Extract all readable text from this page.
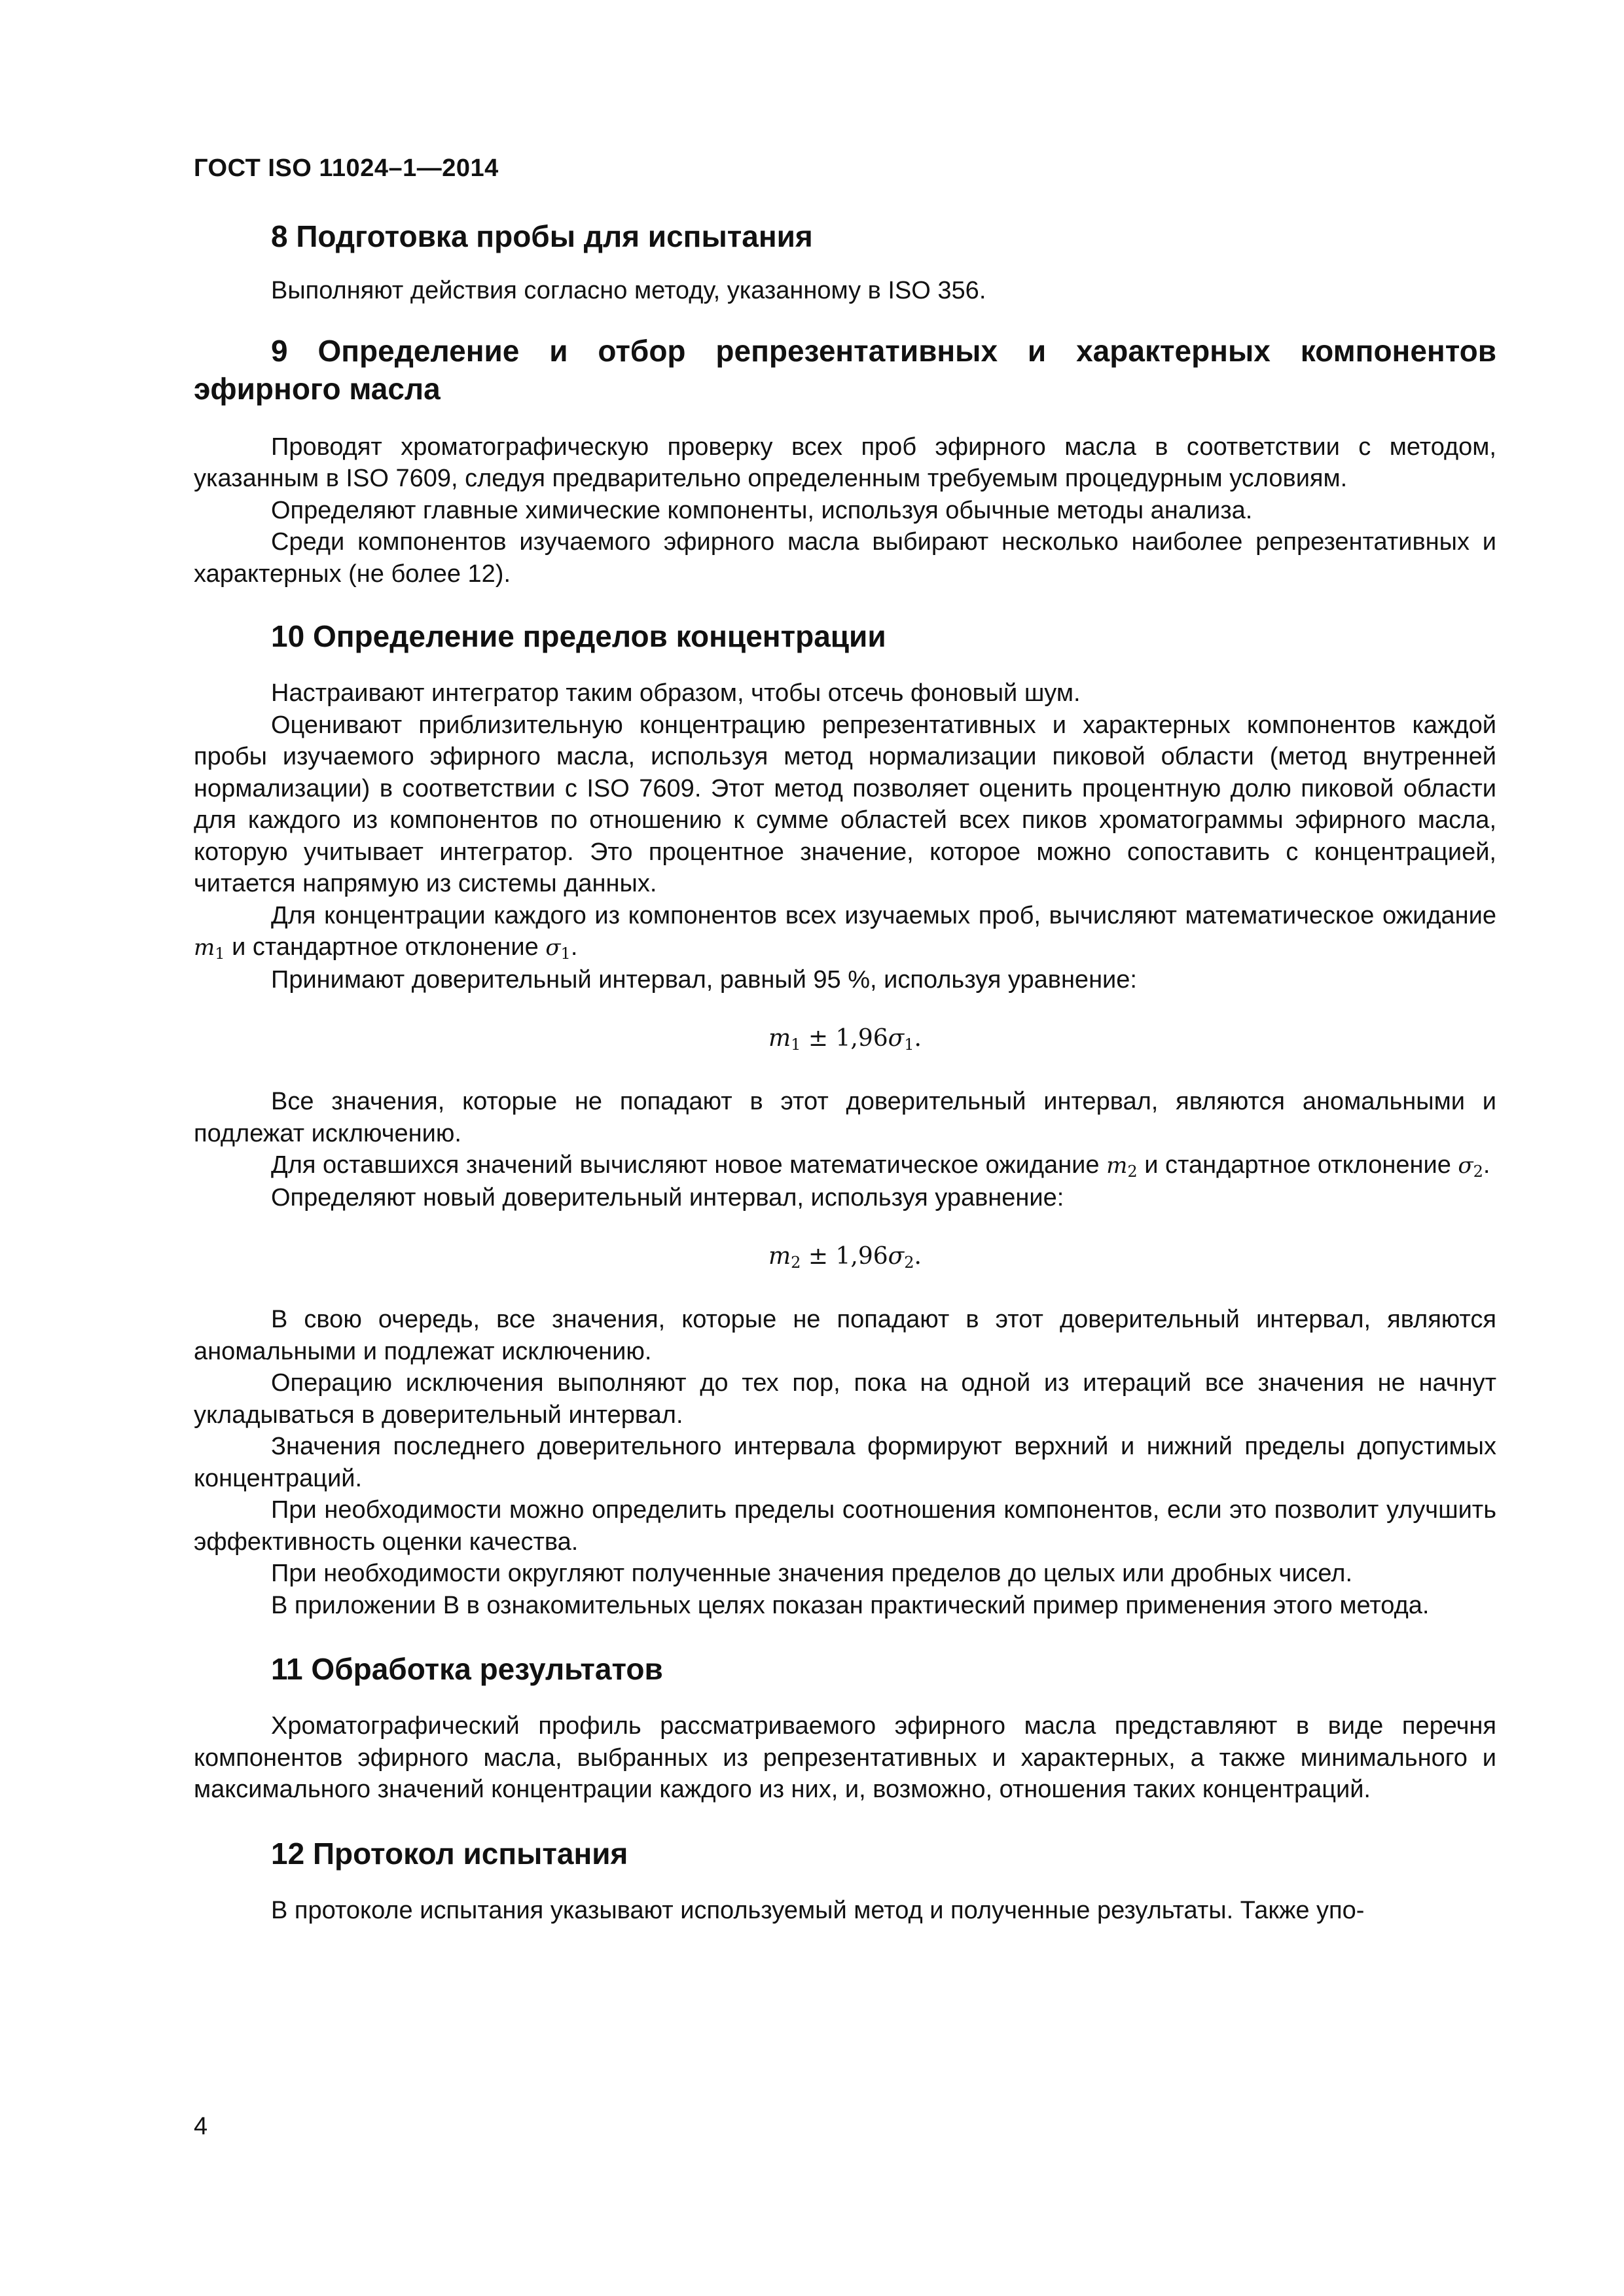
ГОСТ ISO 11024–1—2014
8 Подготовка пробы для испытания

Выполняют действия согласно методу, указанному в ISO 356.

9 Определение и отбор репрезентативных и характерных компонентов эфирного масла

Проводят хроматографическую проверку всех проб эфирного масла в соответствии с методом, указанным в ISO 7609, следуя предварительно определенным требуемым процедурным условиям.

Определяют главные химические компоненты, используя обычные методы анализа.

Среди компонентов изучаемого эфирного масла выбирают несколько наиболее репрезентативных и характерных (не более 12).

10 Определение пределов концентрации

Настраивают интегратор таким образом, чтобы отсечь фоновый шум.

Оценивают приблизительную концентрацию репрезентативных и характерных компонентов каждой пробы изучаемого эфирного масла, используя метод нормализации пиковой области (метод внутренней нормализации) в соответствии с ISO 7609. Этот метод позволяет оценить процентную долю пиковой области для каждого из компонентов по отношению к сумме областей всех пиков хроматограммы эфирного масла, которую учитывает интегратор. Это процентное значение, которое можно сопоставить с концентрацией, читается напрямую из системы данных.

Для концентрации каждого из компонентов всех изучаемых проб, вычисляют математическое ожидание $m_1$ и стандартное отклонение $\sigma_1$.

Принимают доверительный интервал, равный 95 %, используя уравнение:

$m_1 \pm 1,96\sigma_1$.

Все значения, которые не попадают в этот доверительный интервал, являются аномальными и подлежат исключению.

Для оставшихся значений вычисляют новое математическое ожидание $m_2$ и стандартное отклонение $\sigma_2$.

Определяют новый доверительный интервал, используя уравнение:

$m_2 \pm 1,96\sigma_2$.

В свою очередь, все значения, которые не попадают в этот доверительный интервал, являются аномальными и подлежат исключению.

Операцию исключения выполняют до тех пор, пока на одной из итераций все значения не начнут укладываться в доверительный интервал.

Значения последнего доверительного интервала формируют верхний и нижний пределы допустимых концентраций.

При необходимости можно определить пределы соотношения компонентов, если это позволит улучшить эффективность оценки качества.

При необходимости округляют полученные значения пределов до целых или дробных чисел.

В приложении В в ознакомительных целях показан практический пример применения этого метода.

11 Обработка результатов

Хроматографический профиль рассматриваемого эфирного масла представляют в виде перечня компонентов эфирного масла, выбранных из репрезентативных и характерных, а также минимального и максимального значений концентрации каждого из них, и, возможно, отношения таких концентраций.

12 Протокол испытания

В протоколе испытания указывают используемый метод и полученные результаты. Также упо-

4
